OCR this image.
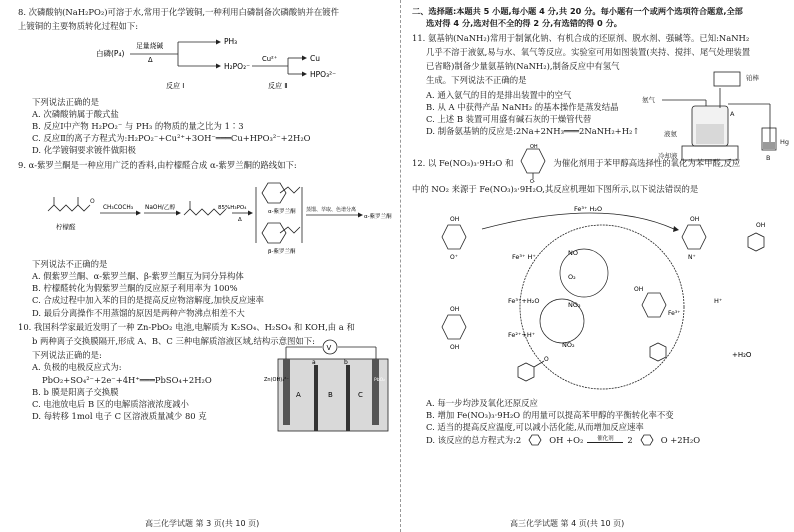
8. 次磷酸钠(NaH₂PO₂)可溶于水,常用于化学镀铜,一种利用白磷制备次磷酸钠并在镀件

上镀铜的主要物质转化过程如下:

白磷(P₄)
足量烧碱
Δ
PH₃
H₂PO₂⁻
Cu²⁺	Cu
HPO₃²⁻
反应 Ⅰ	反应 Ⅱ

下列说法正确的是

A. 次磷酸钠属于酸式盐

B. 反应Ⅰ中产物 H₂PO₂⁻ 与 PH₃ 的物质的量之比为 1∶3

C. 反应Ⅱ的离子方程式为:H₂PO₂⁻+Cu²⁺+3OH⁻═══Cu+HPO₃²⁻+2H₂O

D. 化学镀铜要求镀件做阳极

9. α-紫罗兰酮是一种应用广泛的香料,由柠檬醛合成 α-紫罗兰酮的路线如下:

O
柠檬醛
CH₃COCH₃ NaOH/乙醇	85%H₃PO₄
Δ
α-紫罗兰酮
β-紫罗兰酮
蒸馏、萃取、色谱分离
α-紫罗兰酮

下列说法不正确的是

A. 假紫罗兰酮、α-紫罗兰酮、β-紫罗兰酮互为同分异构体

B. 柠檬醛转化为假紫罗兰酮的反应原子利用率为 100%

C. 合成过程中加入苯的目的是提高反应物溶解度,加快反应速率

D. 最后分离操作不用蒸馏的原因是两种产物沸点相差不大

10. 我国科学家最近发明了一种 Zn-PbO₂ 电池,电解质为 K₂SO₄、H₂SO₄ 和 KOH,由 a 和

b 两种离子交换膜隔开,形成 A、B、C 三种电解质溶液区域,结构示意图如下:

下列说法正确的是:

A. 负极的电极反应式为:

PbO₂+SO₄²⁻+2e⁻+4H⁺═══PbSO₄+2H₂O

B. b 膜是阳离子交换膜

C. 电池放电后 B 区的电解质溶液浓度减小

D. 每转移 1mol 电子 C 区溶液质量减少 80 克

V
A	B	C
a	b
Zn(OH)₄²⁻	PbO₂

二、选择题:本题共 5 小题,每小题 4 分,共 20 分。每小题有一个或两个选项符合题意,全部

选对得 4 分,选对但不全的得 2 分,有选错的得 0 分。

11. 氨基钠(NaNH₂)常用于制氰化钠、有机合成的还原剂、脱水剂、强碱等。已知:NaNH₂

几乎不溶于液氨,易与水、氧气等反应。实验室可用如图装置(夹持、搅拌、尾气处理装置

已省略)制备少量氨基钠(NaNH₂),制备反应中有氢气

生成。下列说法不正确的是

A. 通入氨气的目的是排出装置中的空气

B. 从 A 中获得产品 NaNH₂ 的基本操作是蒸发结晶

C. 上述 B 装置可用盛有碱石灰的干燥管代替

D. 制备氨基钠的反应是:2Na+2NH₃═══2NaNH₂+H₂↑

氨气
A
液氨
冷却液
铂棒
B
Hg
12. 以 Fe(NO₃)₃·9H₂O 和
OH
O·
为催化剂用于苯甲醇高选择性的氧化为苯甲醛,反应

中的 NO₂ 来源于 Fe(NO₃)₃·9H₂O,其反应机理如下图所示,以下说法错误的是

OH
O⁺
OH
N⁺
OH
Fe³⁺ H₂O
Fe³⁺ H⁺	NO
O₂
Fe³⁺+H₂O	NO₂
Fe²⁺+H⁺
NO₂
OH
Fe³⁺
H⁺
OH
OH
O
+H₂O

A. 每一步均涉及氧化还原反应

B. 增加 Fe(NO₃)₃·9H₂O 的用量可以提高苯甲醇的平衡转化率不变

C. 适当的提高反应温度,可以减小活化能,从而增加反应速率

D. 该反应的总方程式为:2	OH +O₂ 催化剂 2	O +2H₂O
高三化学试题 第 3 页(共 10 页)	高三化学试题 第 4 页(共 10 页)
